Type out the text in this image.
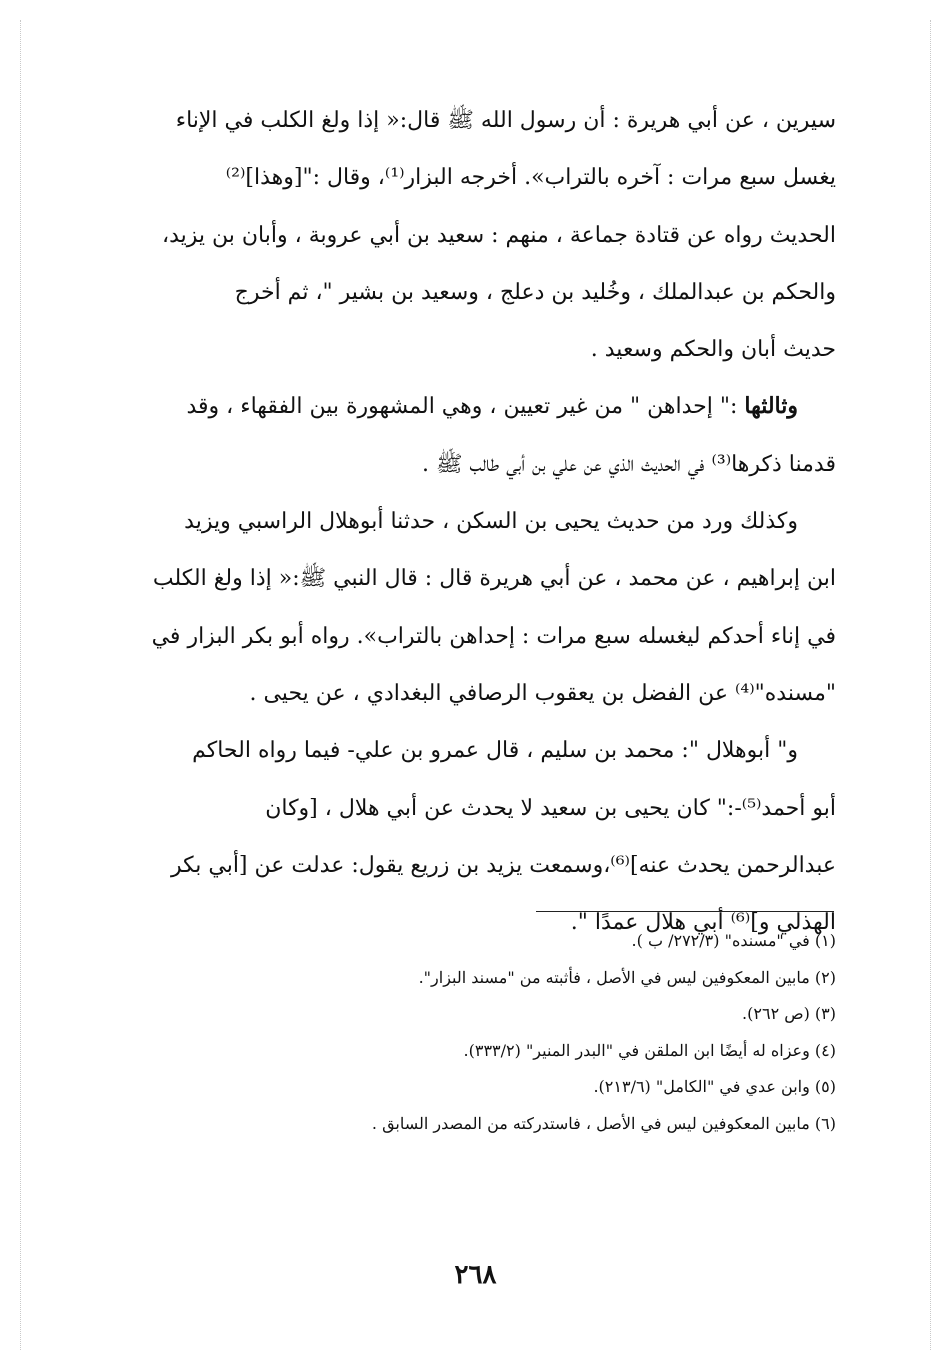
سيرين ، عن أبي هريرة : أن رسول الله ﷺ قال:« إذا ولغ الكلب في الإناء
يغسل سبع مرات : آخره بالتراب». أخرجه البزار⁽¹⁾، وقال :"[وهذا]⁽²⁾
الحديث رواه عن قتادة جماعة ، منهم : سعيد بن أبي عروبة ، وأبان بن يزيد،
والحكم بن عبدالملك ، وخُليد بن دعلج ، وسعيد بن بشير "، ثم أخرج
حديث أبان والحكم وسعيد .
وثالثها :" إحداهن " من غير تعيين ، وهي المشهورة بين الفقهاء ، وقد
قدمنا ذكرها⁽³⁾ في الحديث الذي عن علي بن أبي طالب ﷺ .
وكذلك ورد من حديث يحيى بن السكن ، حدثنا أبوهلال الراسبي ويزيد
ابن إبراهيم ، عن محمد ، عن أبي هريرة قال : قال النبي ﷺ:« إذا ولغ الكلب
في إناء أحدكم ليغسله سبع مرات : إحداهن بالتراب». رواه أبو بكر البزار في
"مسنده"⁽⁴⁾ عن الفضل بن يعقوب الرصافي البغدادي ، عن يحيى .
و" أبوهلال ": محمد بن سليم ، قال عمرو بن علي- فيما رواه الحاكم
أبو أحمد⁽⁵⁾-:" كان يحيى بن سعيد لا يحدث عن أبي هلال ، [وكان
عبدالرحمن يحدث عنه]⁽⁶⁾،وسمعت يزيد بن زريع يقول: عدلت عن [أبي بكر
الهذلي و]⁽⁶⁾ أبي هلال عمدًا ".
(١) في "مسنده" (٢٧٢/٣/ ب ).
(٢) مابين المعكوفين ليس في الأصل ، فأثبته من "مسند البزار".
(٣) (ص ٢٦٢).
(٤) وعزاه له أيضًا ابن الملقن في "البدر المنير" (٣٣٣/٢).
(٥) وابن عدي في "الكامل" (٢١٣/٦).
(٦) مابين المعكوفين ليس في الأصل ، فاستدركته من المصدر السابق .
٢٦٨
